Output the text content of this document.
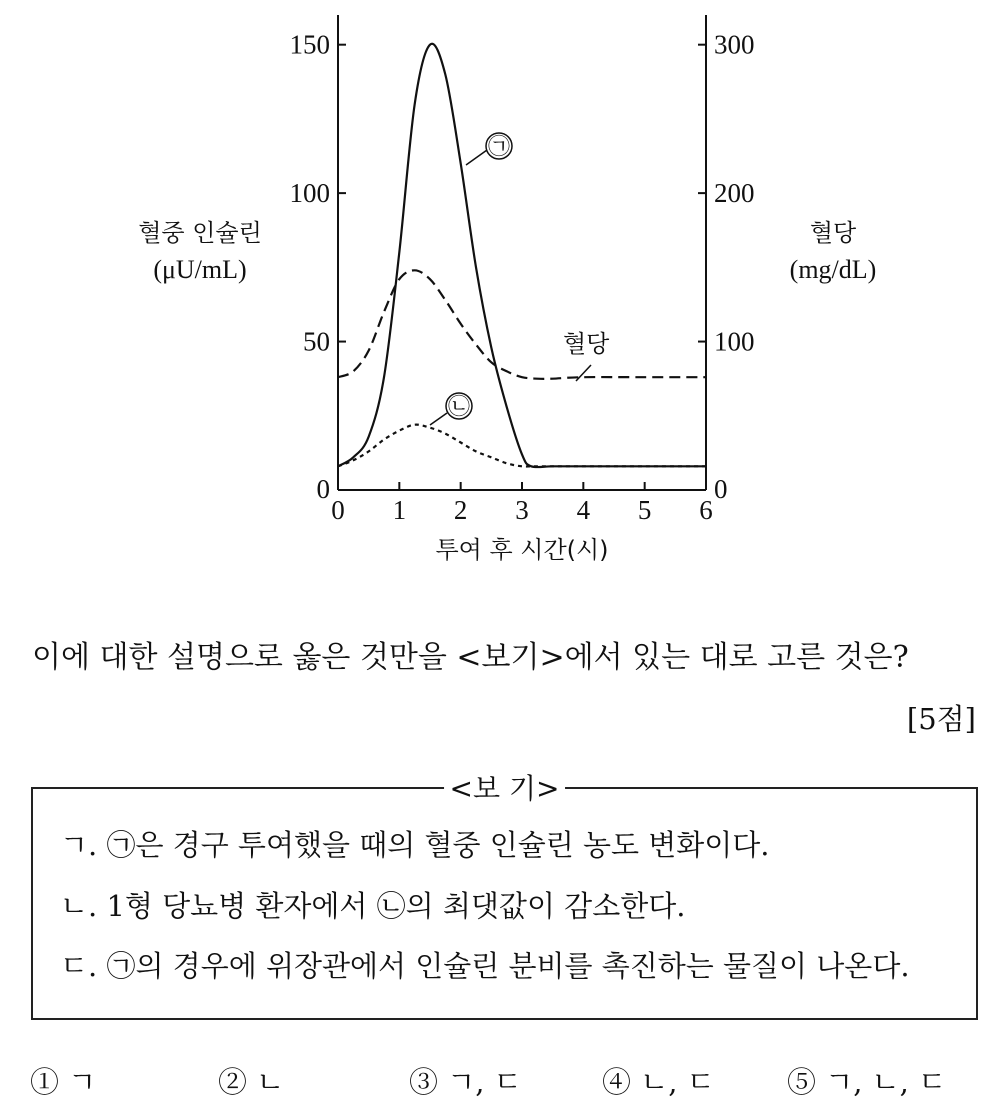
0 1 2 3 4 5 6
0
50
100
150
0
100
200
300
투여 후 시간(시)
혈중 인슐린
(μU/mL)
혈당
(mg/dL)
㉠
㉡
혈당
이에 대한 설명으로 옳은 것만을 <보기>에서 있는 대로 고른 것은?
[5점]
<보 기>
ㄱ. ㉠은 경구 투여했을 때의 혈중 인슐린 농도 변화이다.
ㄴ. 1형 당뇨병 환자에서 ㉡의 최댓값이 감소한다.
ㄷ. ㉠의 경우에 위장관에서 인슐린 분비를 촉진하는 물질이 나온다.
① ㄱ	② ㄴ	③ ㄱ, ㄷ	④ ㄴ, ㄷ ⑤ ㄱ, ㄴ, ㄷ
